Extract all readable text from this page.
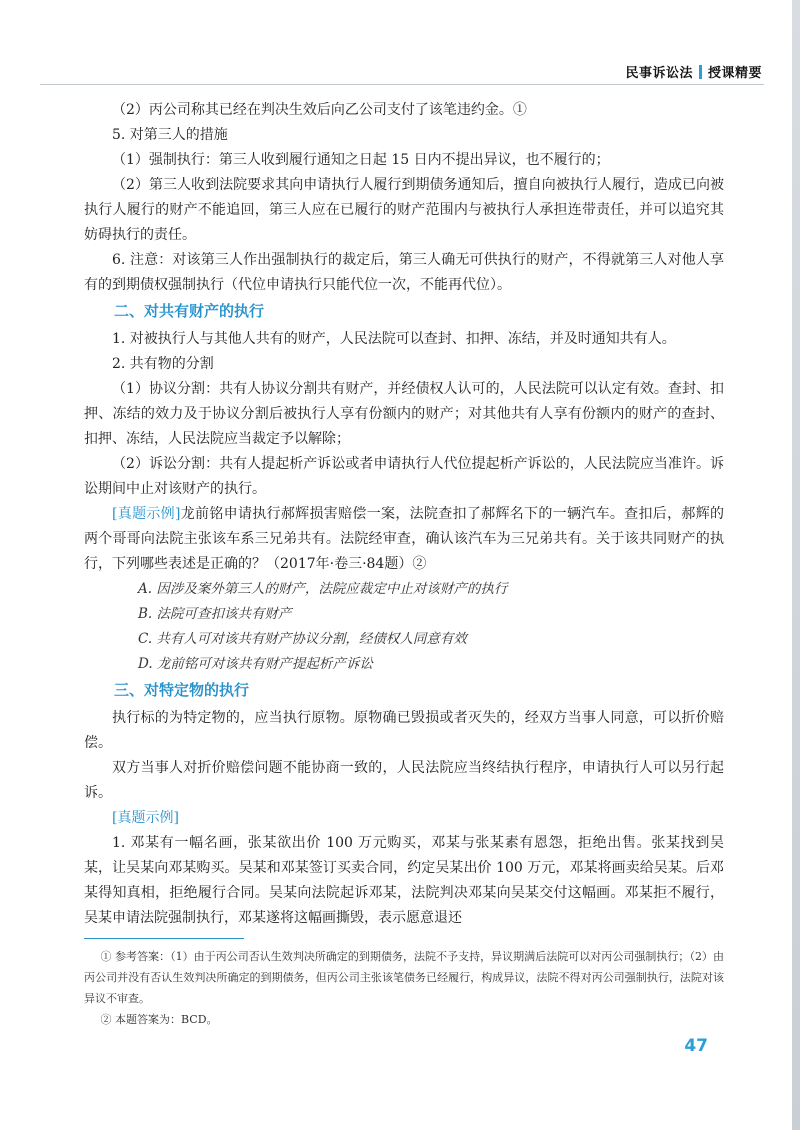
民事诉讼法 授课精要

（2）丙公司称其已经在判决生效后向乙公司支付了该笔违约金。①

5. 对第三人的措施

（1）强制执行：第三人收到履行通知之日起 15 日内不提出异议，也不履行的；

（2）第三人收到法院要求其向申请执行人履行到期债务通知后，擅自向被执行人履行，造成已向被执行人履行的财产不能追回，第三人应在已履行的财产范围内与被执行人承担连带责任，并可以追究其妨碍执行的责任。

6. 注意：对该第三人作出强制执行的裁定后，第三人确无可供执行的财产，不得就第三人对他人享有的到期债权强制执行（代位申请执行只能代位一次，不能再代位）。

二、对共有财产的执行

1. 对被执行人与其他人共有的财产，人民法院可以查封、扣押、冻结，并及时通知共有人。

2. 共有物的分割

（1）协议分割：共有人协议分割共有财产，并经债权人认可的，人民法院可以认定有效。查封、扣押、冻结的效力及于协议分割后被执行人享有份额内的财产；对其他共有人享有份额内的财产的查封、扣押、冻结，人民法院应当裁定予以解除；

（2）诉讼分割：共有人提起析产诉讼或者申请执行人代位提起析产诉讼的，人民法院应当准许。诉讼期间中止对该财产的执行。

[真题示例]龙前铭申请执行郝辉损害赔偿一案，法院查扣了郝辉名下的一辆汽车。查扣后，郝辉的两个哥哥向法院主张该车系三兄弟共有。法院经审查，确认该汽车为三兄弟共有。关于该共同财产的执行，下列哪些表述是正确的？（2017年·卷三·84题）②

A. 因涉及案外第三人的财产，法院应裁定中止对该财产的执行

B. 法院可查扣该共有财产

C. 共有人可对该共有财产协议分割，经债权人同意有效

D. 龙前铭可对该共有财产提起析产诉讼

三、对特定物的执行

执行标的为特定物的，应当执行原物。原物确已毁损或者灭失的，经双方当事人同意，可以折价赔偿。

双方当事人对折价赔偿问题不能协商一致的，人民法院应当终结执行程序，申请执行人可以另行起诉。

[真题示例]

1. 邓某有一幅名画，张某欲出价 100 万元购买，邓某与张某素有恩怨，拒绝出售。张某找到吴某，让吴某向邓某购买。吴某和邓某签订买卖合同，约定吴某出价 100 万元，邓某将画卖给吴某。后邓某得知真相，拒绝履行合同。吴某向法院起诉邓某，法院判决邓某向吴某交付这幅画。邓某拒不履行，吴某申请法院强制执行，邓某遂将这幅画撕毁，表示愿意退还

① 参考答案：（1）由于丙公司否认生效判决所确定的到期债务，法院不予支持，异议期满后法院可以对丙公司强制执行；（2）由丙公司并没有否认生效判决所确定的到期债务，但丙公司主张该笔债务已经履行，构成异议，法院不得对丙公司强制执行，法院对该异议不审查。

② 本题答案为：BCD。

47
